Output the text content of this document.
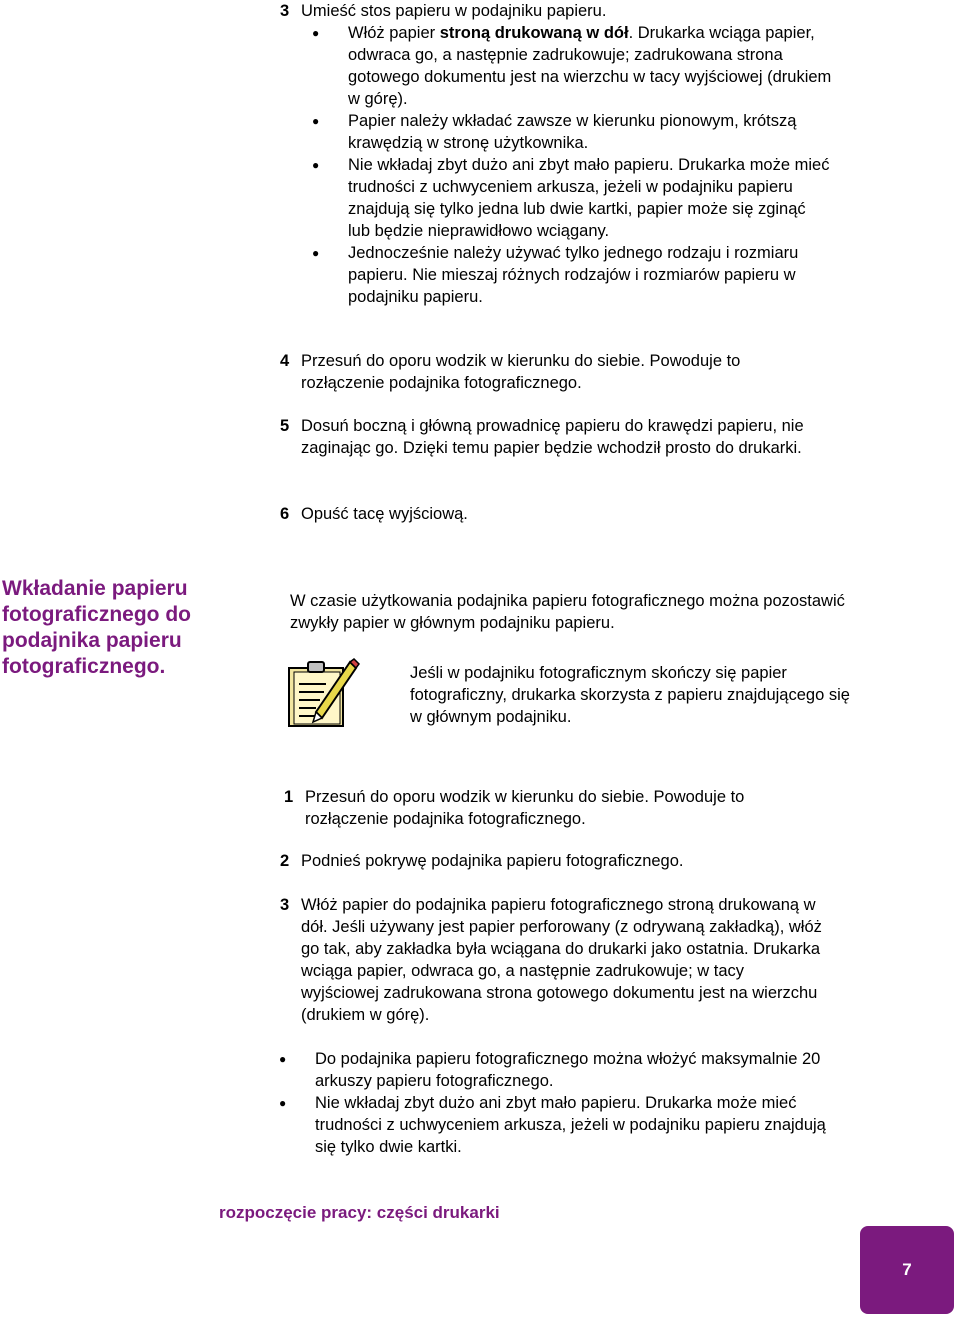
3 Umieść stos papieru w podajniku papieru.
● Włóż papier stroną drukowaną w dół. Drukarka wciąga papier, odwraca go, a następnie zadrukowuje; zadrukowana strona gotowego dokumentu jest na wierzchu w tacy wyjściowej (drukiem w górę).
● Papier należy wkładać zawsze w kierunku pionowym, krótszą krawędzią w stronę użytkownika.
● Nie wkładaj zbyt dużo ani zbyt mało papieru. Drukarka może mieć trudności z uchwyceniem arkusza, jeżeli w podajniku papieru znajdują się tylko jedna lub dwie kartki, papier może się zginąć lub będzie nieprawidłowo wciągany.
● Jednocześnie należy używać tylko jednego rodzaju i rozmiaru papieru. Nie mieszaj różnych rodzajów i rozmiarów papieru w podajniku papieru.
4 Przesuń do oporu wodzik w kierunku do siebie. Powoduje to rozłączenie podajnika fotograficznego.
5 Dosuń boczną i główną prowadnicę papieru do krawędzi papieru, nie zaginając go. Dzięki temu papier będzie wchodził prosto do drukarki.
6 Opuść tacę wyjściową.
Wkładanie papieru fotograficznego do podajnika papieru fotograficznego.
W czasie użytkowania podajnika papieru fotograficznego można pozostawić zwykły papier w głównym podajniku papieru.
Jeśli w podajniku fotograficznym skończy się papier fotograficzny, drukarka skorzysta z papieru znajdującego się w głównym podajniku.
1 Przesuń do oporu wodzik w kierunku do siebie. Powoduje to rozłączenie podajnika fotograficznego.
2 Podnieś pokrywę podajnika papieru fotograficznego.
3 Włóż papier do podajnika papieru fotograficznego stroną drukowaną w dół. Jeśli używany jest papier perforowany (z odrywaną zakładką), włóż go tak, aby zakładka była wciągana do drukarki jako ostatnia. Drukarka wciąga papier, odwraca go, a następnie zadrukowuje; w tacy wyjściowej zadrukowana strona gotowego dokumentu jest na wierzchu (drukiem w górę).
● Do podajnika papieru fotograficznego można włożyć maksymalnie 20 arkuszy papieru fotograficznego.
● Nie wkładaj zbyt dużo ani zbyt mało papieru. Drukarka może mieć trudności z uchwyceniem arkusza, jeżeli w podajniku papieru znajdują się tylko dwie kartki.
rozpoczęcie pracy: części drukarki
7
